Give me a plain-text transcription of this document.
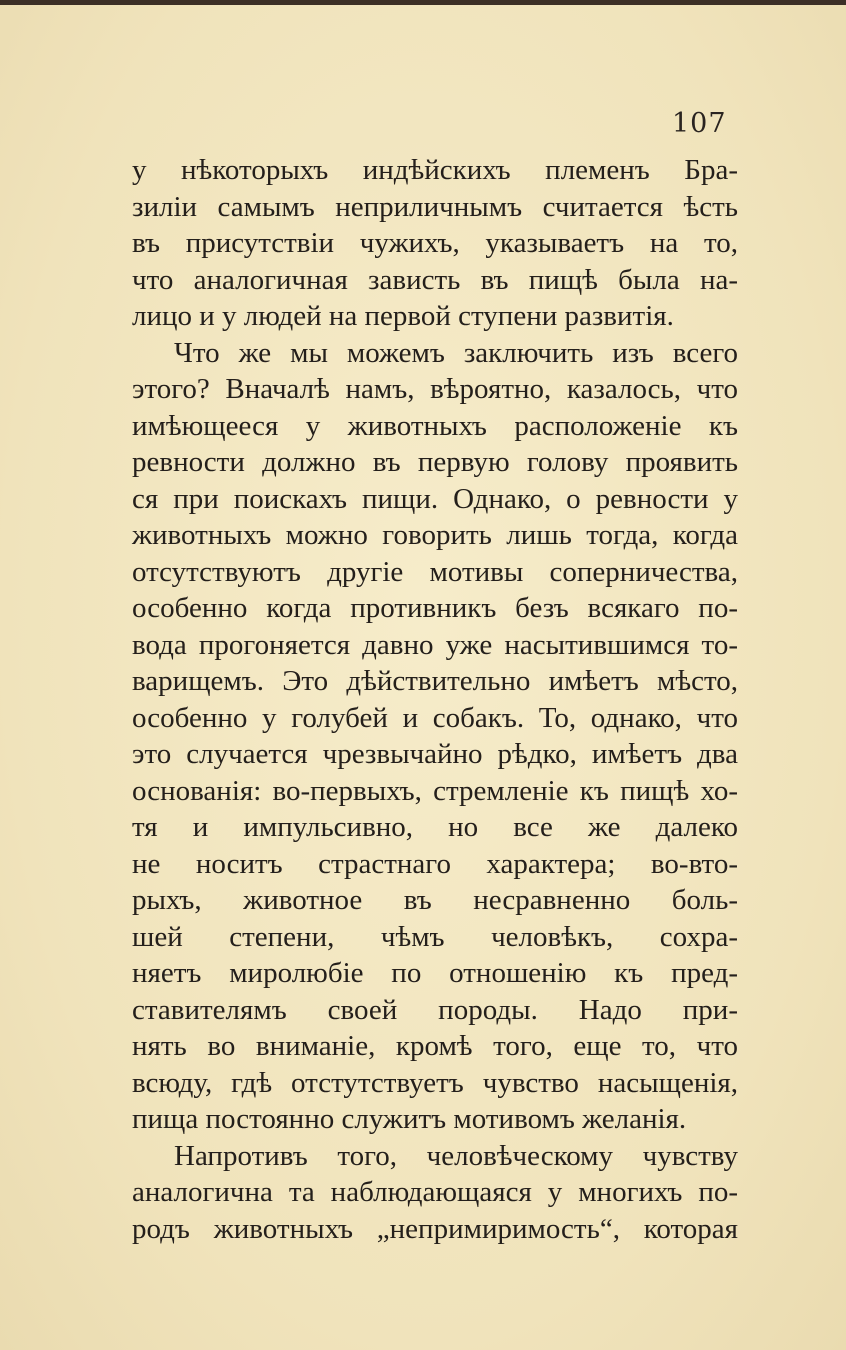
107
у нѣкоторыхъ индѣйскихъ племенъ Бра-
зиліи самымъ неприличнымъ считается ѣсть
въ присутствіи чужихъ, указываетъ на то,
что аналогичная зависть въ пищѣ была на-
лицо и у людей на первой ступени развитія.
Что же мы можемъ заключить изъ всего
этого? Вначалѣ намъ, вѣроятно, казалось, что
имѣющееся у животныхъ расположеніе къ
ревности должно въ первую голову проявить
ся при поискахъ пищи. Однако, о ревности у
животныхъ можно говорить лишь тогда, когда
отсутствуютъ другіе мотивы соперничества,
особенно когда противникъ безъ всякаго по-
вода прогоняется давно уже насытившимся то-
варищемъ. Это дѣйствительно имѣетъ мѣсто,
особенно у голубей и собакъ. То, однако, что
это случается чрезвычайно рѣдко, имѣетъ два
основанія: во-первыхъ, стремленіе къ пищѣ хо-
тя и импульсивно, но все же далеко
не носитъ страстнаго характера; во-вто-
рыхъ, животное въ несравненно боль-
шей степени, чѣмъ человѣкъ, сохра-
няетъ миролюбіе по отношенію къ пред-
ставителямъ своей породы. Надо при-
нять во вниманіе, кромѣ того, еще то, что
всюду, гдѣ отстутствуетъ чувство насыщенія,
пища постоянно служитъ мотивомъ желанія.
Напротивъ того, человѣческому чувству
аналогична та наблюдающаяся у многихъ по-
родъ животныхъ „непримиримость“, которая
